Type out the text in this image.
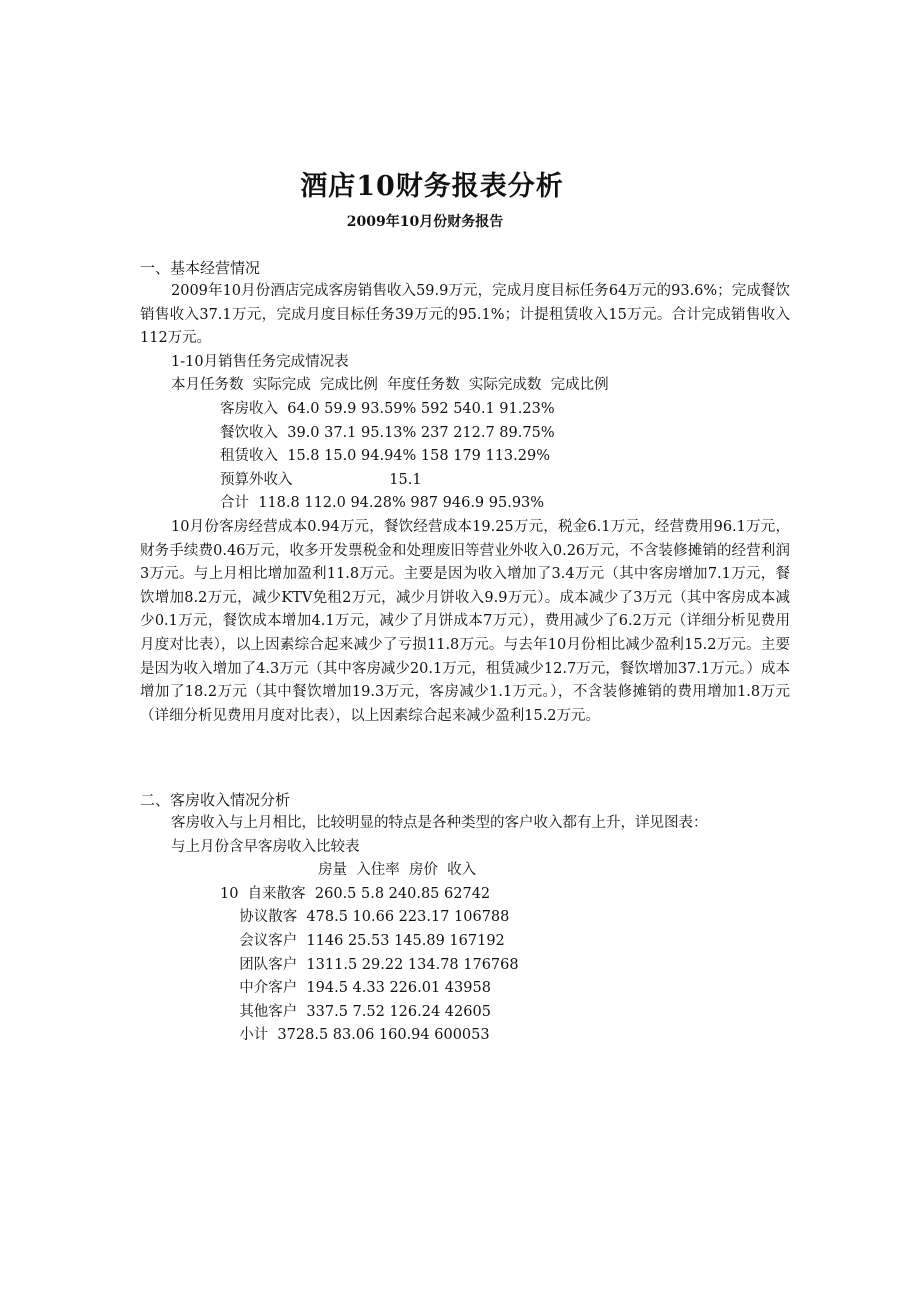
酒店10财务报表分析
2009年10月份财务报告
一、基本经营情况
2009年10月份酒店完成客房销售收入59.9万元，完成月度目标任务64万元的93.6%；完成餐饮销售收入37.1万元，完成月度目标任务39万元的95.1%；计提租赁收入15万元。合计完成销售收入112万元。
1-10月销售任务完成情况表
本月任务数  实际完成  完成比例  年度任务数  实际完成数  完成比例
客房收入  64.0 59.9 93.59% 592 540.1 91.23%
餐饮收入  39.0 37.1 95.13% 237 212.7 89.75%
租赁收入  15.8 15.0 94.94% 158 179 113.29%
预算外收入                     15.1
合计  118.8 112.0 94.28% 987 946.9 95.93%
10月份客房经营成本0.94万元，餐饮经营成本19.25万元，税金6.1万元，经营费用96.1万元，财务手续费0.46万元，收多开发票税金和处理废旧等营业外收入0.26万元，不含装修摊销的经营利润3万元。与上月相比增加盈利11.8万元。主要是因为收入增加了3.4万元（其中客房增加7.1万元，餐饮增加8.2万元，减少KTV免租2万元，减少月饼收入9.9万元）。成本减少了3万元（其中客房成本减少0.1万元，餐饮成本增加4.1万元，减少了月饼成本7万元），费用减少了6.2万元（详细分析见费用月度对比表），以上因素综合起来减少了亏损11.8万元。与去年10月份相比减少盈利15.2万元。主要是因为收入增加了4.3万元（其中客房减少20.1万元，租赁减少12.7万元，餐饮增加37.1万元。）成本增加了18.2万元（其中餐饮增加19.3万元，客房减少1.1万元。），不含装修摊销的费用增加1.8万元（详细分析见费用月度对比表），以上因素综合起来减少盈利15.2万元。
二、客房收入情况分析
客房收入与上月相比，比较明显的特点是各种类型的客户收入都有上升，详见图表：
与上月份含早客房收入比较表
房量  入住率  房价  收入
10  自来散客  260.5 5.8 240.85 62742
协议散客  478.5 10.66 223.17 106788
会议客户  1146 25.53 145.89 167192
团队客户  1311.5 29.22 134.78 176768
中介客户  194.5 4.33 226.01 43958
其他客户  337.5 7.52 126.24 42605
小计  3728.5 83.06 160.94 600053
